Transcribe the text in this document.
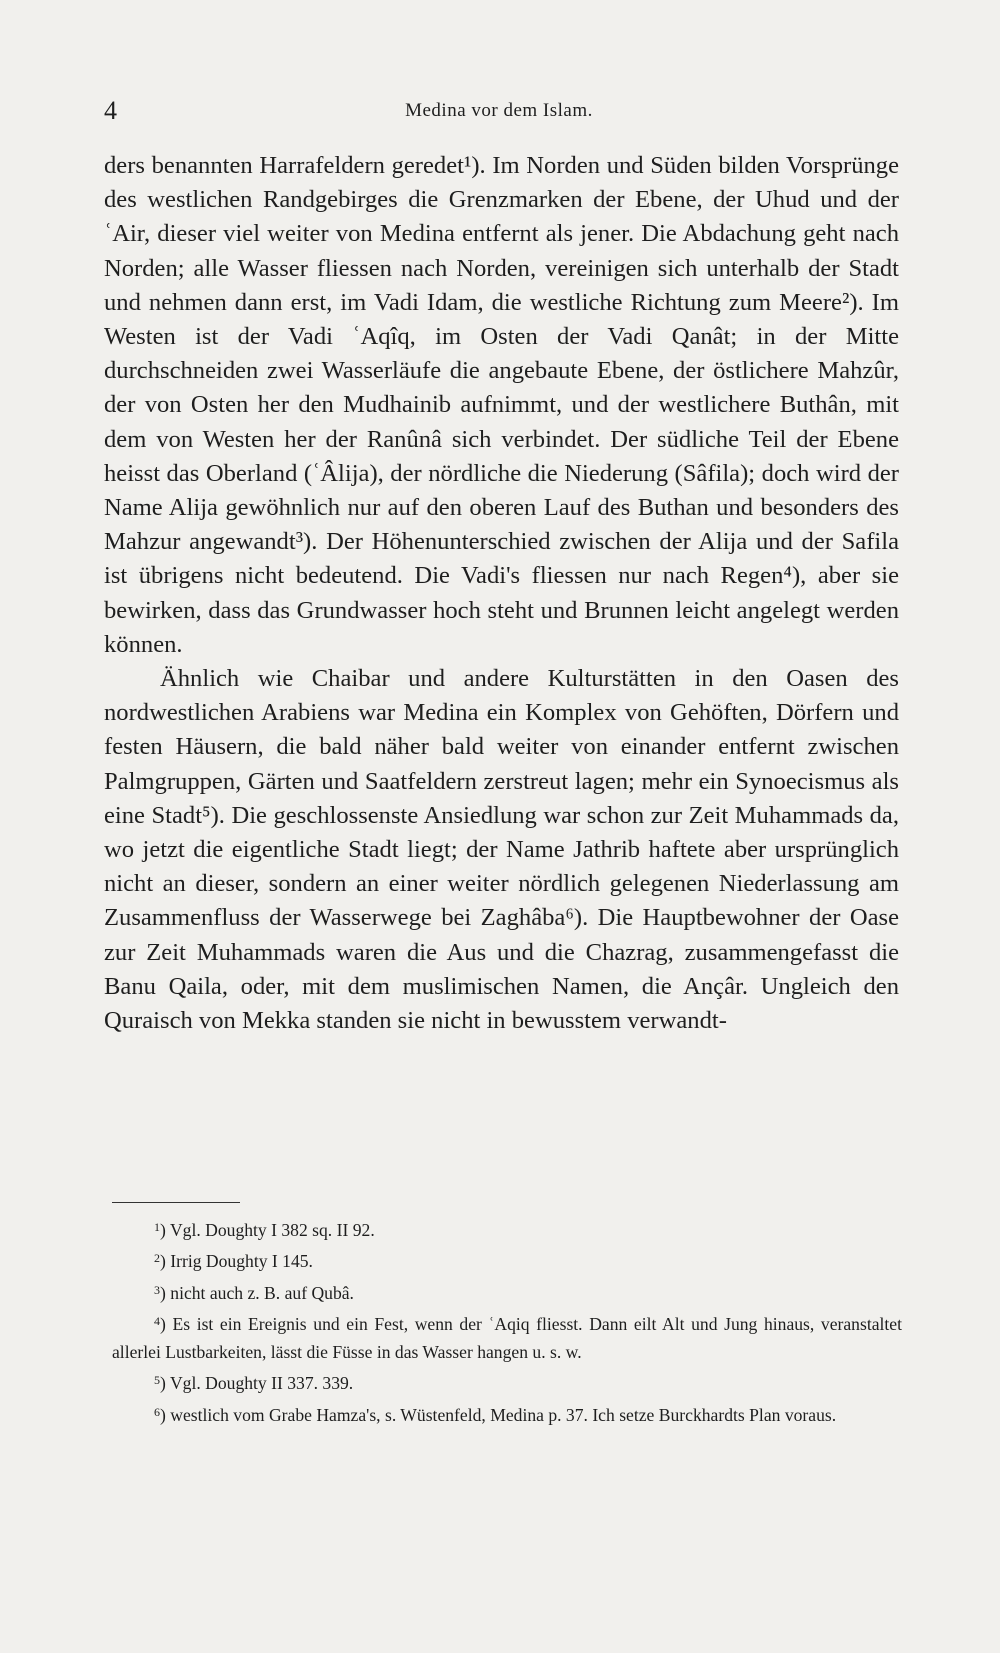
4	Medina vor dem Islam.

ders benannten Harrafeldern geredet¹). Im Norden und Süden bilden Vorsprünge des westlichen Randgebirges die Grenzmarken der Ebene, der Uhud und der ʿAir, dieser viel weiter von Medina entfernt als jener. Die Abdachung geht nach Norden; alle Wasser fliessen nach Norden, vereinigen sich unterhalb der Stadt und nehmen dann erst, im Vadi Idam, die westliche Richtung zum Meere²). Im Westen ist der Vadi ʿAqîq, im Osten der Vadi Qanât; in der Mitte durchschneiden zwei Wasserläufe die angebaute Ebene, der östlichere Mahzûr, der von Osten her den Mudhainib aufnimmt, und der westlichere Buthân, mit dem von Westen her der Ranûnâ sich verbindet. Der südliche Teil der Ebene heisst das Oberland (ʿÂlija), der nördliche die Niederung (Sâfila); doch wird der Name Alija gewöhnlich nur auf den oberen Lauf des Buthan und besonders des Mahzur angewandt³). Der Höhenunterschied zwischen der Alija und der Safila ist übrigens nicht bedeutend. Die Vadi's fliessen nur nach Regen⁴), aber sie bewirken, dass das Grundwasser hoch steht und Brunnen leicht angelegt werden können.

Ähnlich wie Chaibar und andere Kulturstätten in den Oasen des nordwestlichen Arabiens war Medina ein Komplex von Gehöften, Dörfern und festen Häusern, die bald näher bald weiter von einander entfernt zwischen Palmgruppen, Gärten und Saatfeldern zerstreut lagen; mehr ein Synoecismus als eine Stadt⁵). Die geschlossenste Ansiedlung war schon zur Zeit Muhammads da, wo jetzt die eigentliche Stadt liegt; der Name Jathrib haftete aber ursprünglich nicht an dieser, sondern an einer weiter nördlich gelegenen Niederlassung am Zusammenfluss der Wasserwege bei Zaghâba⁶). Die Hauptbewohner der Oase zur Zeit Muhammads waren die Aus und die Chazrag, zusammengefasst die Banu Qaila, oder, mit dem muslimischen Namen, die Ançâr. Ungleich den Quraisch von Mekka standen sie nicht in bewusstem verwandt-

$^1$) Vgl. Doughty I 382 sq. II 92.

$^2$) Irrig Doughty I 145.

$^3$) nicht auch z. B. auf Qubâ.

$^4$) Es ist ein Ereignis und ein Fest, wenn der ʿAqiq fliesst. Dann eilt Alt und Jung hinaus, veranstaltet allerlei Lustbarkeiten, lässt die Füsse in das Wasser hangen u. s. w.

$^5$) Vgl. Doughty II 337. 339.

$^6$) westlich vom Grabe Hamza's, s. Wüstenfeld, Medina p. 37. Ich setze Burckhardts Plan voraus.
